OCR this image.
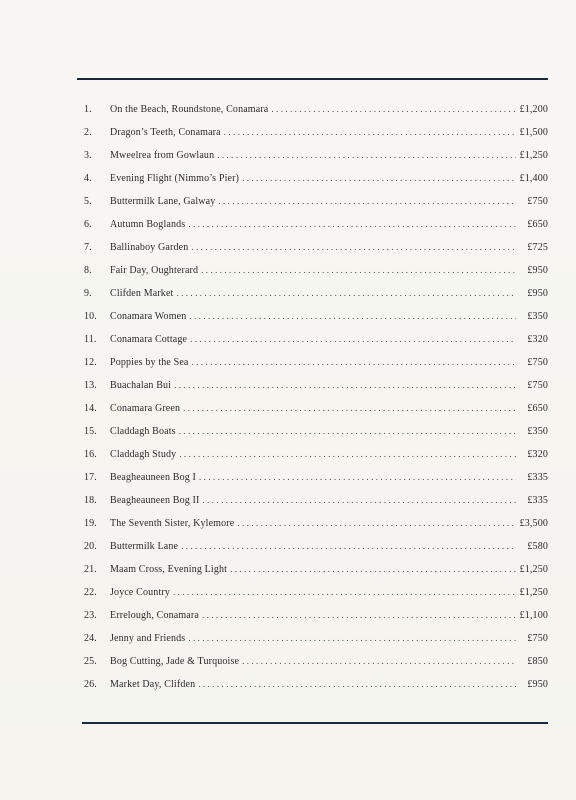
1.	On the Beach, Roundstone, Conamara .....	£1,200
2.	Dragon’s Teeth, Conamara .....	£1,500
3.	Mweelrea from Gowlaun .....	£1,250
4.	Evening Flight (Nimmo’s Pier) .....	£1,400
5.	Buttermilk Lane, Galway .....	£750
6.	Autumn Boglands .....	£650
7.	Ballinaboy Garden .....	£725
8.	Fair Day, Oughterard .....	£950
9.	Clifden Market .....	£950
10.	Conamara Women .....	£350
11.	Conamara Cottage .....	£320
12.	Poppies by the Sea .....	£750
13.	Buachalan Bui .....	£750
14.	Conamara Green .....	£650
15.	Claddagh Boats .....	£350
16.	Claddagh Study .....	£320
17.	Beagheauneen Bog I .....	£335
18.	Beagheauneen Bog II .....	£335
19.	The Seventh Sister, Kylemore .....	£3,500
20.	Buttermilk Lane .....	£580
21.	Maam Cross, Evening Light .....	£1,250
22.	Joyce Country .....	£1,250
23.	Errelough, Conamara .....	£1,100
24.	Jenny and Friends .....	£750
25.	Bog Cutting, Jade & Turquoise .....	£850
26.	Market Day, Clifden .....	£950
